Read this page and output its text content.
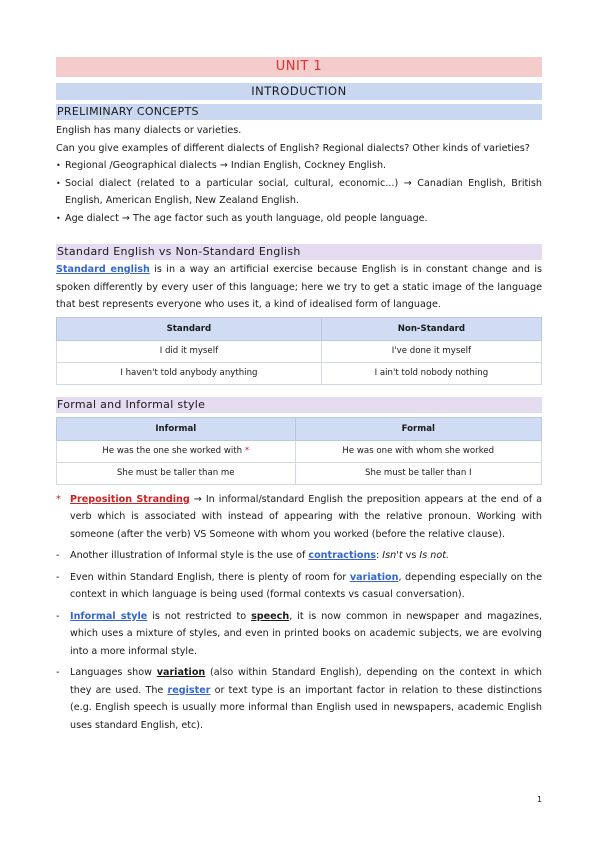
UNIT 1
INTRODUCTION
PRELIMINARY CONCEPTS

English has many dialects or varieties.

Can you give examples of different dialects of English? Regional dialects? Other kinds of varieties?

• Regional /Geographical dialects → Indian English, Cockney English.
• Social dialect (related to a particular social, cultural, economic...) → Canadian English, British English, American English, New Zealand English.
• Age dialect → The age factor such as youth language, old people language.
Standard English vs Non-Standard English

Standard english is in a way an artificial exercise because English is in constant change and is spoken differently by every user of this language; here we try to get a static image of the language that best represents everyone who uses it, a kind of idealised form of language.

Standard	Non-Standard
I did it myself	I've done it myself
I haven't told anybody anything	I ain't told nobody nothing
Formal and Informal style
Informal	Formal
He was the one she worked with *	He was one with whom she worked
She must be taller than me	She must be taller than I
* Preposition Stranding → In informal/standard English the preposition appears at the end of a verb which is associated with instead of appearing with the relative pronoun. Working with someone (after the verb) VS Someone with whom you worked (before the relative clause).
- Another illustration of Informal style is the use of contractions: Isn't vs Is not.
- Even within Standard English, there is plenty of room for variation, depending especially on the context in which language is being used (formal contexts vs casual conversation).
- Informal style is not restricted to speech, it is now common in newspaper and magazines, which uses a mixture of styles, and even in printed books on academic subjects, we are evolving into a more informal style.
- Languages show variation (also within Standard English), depending on the context in which they are used. The register or text type is an important factor in relation to these distinctions (e.g. English speech is usually more informal than English used in newspapers, academic English uses standard English, etc).
1
